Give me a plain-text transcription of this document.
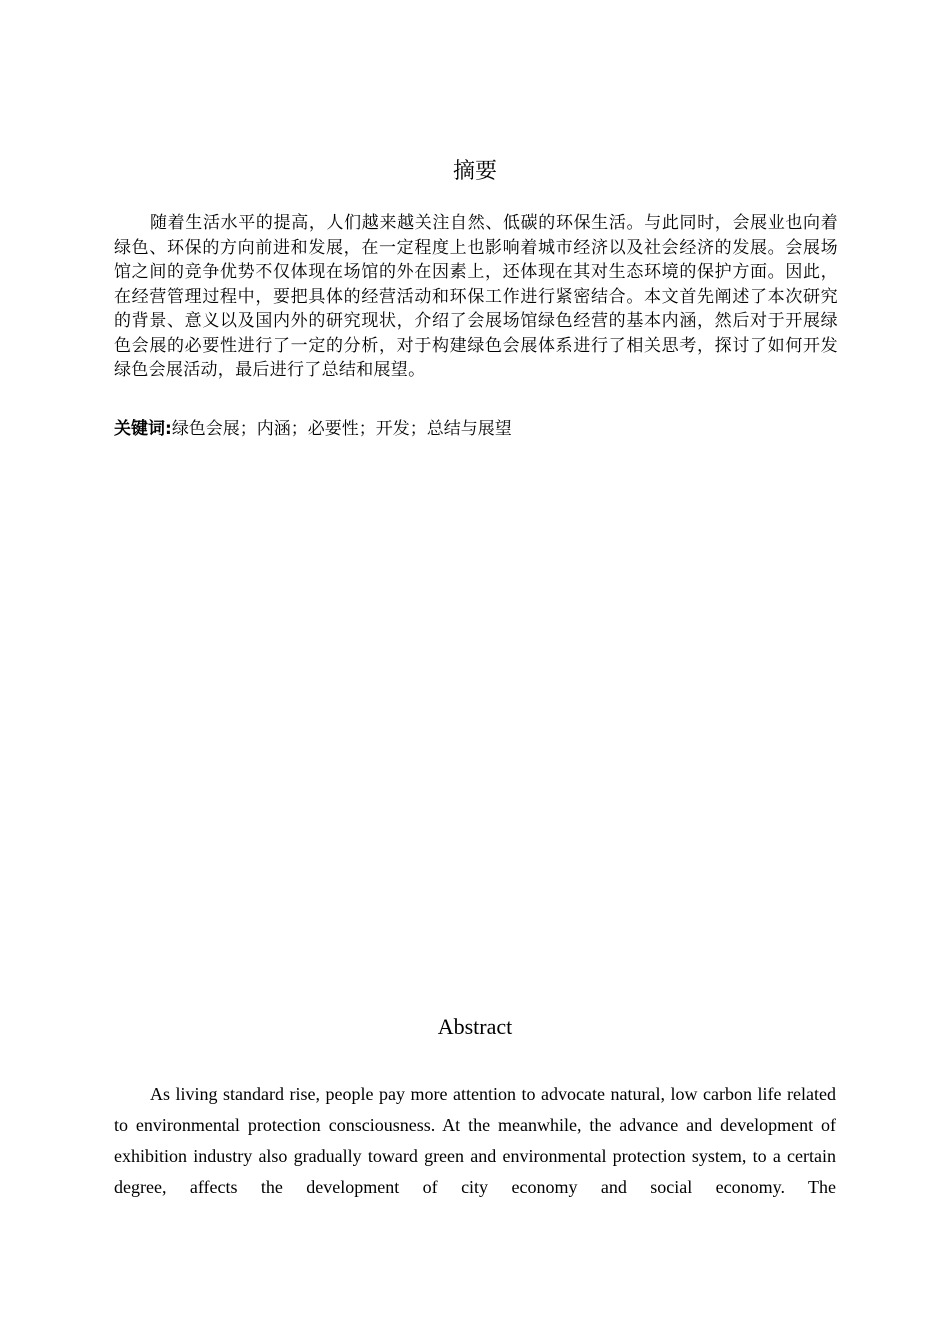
摘要

随着生活水平的提高，人们越来越关注自然、低碳的环保生活。与此同时，会展业也向着绿色、环保的方向前进和发展，在一定程度上也影响着城市经济以及社会经济的发展。会展场馆之间的竞争优势不仅体现在场馆的外在因素上，还体现在其对生态环境的保护方面。因此，在经营管理过程中，要把具体的经营活动和环保工作进行紧密结合。本文首先阐述了本次研究的背景、意义以及国内外的研究现状，介绍了会展场馆绿色经营的基本内涵，然后对于开展绿色会展的必要性进行了一定的分析，对于构建绿色会展体系进行了相关思考，探讨了如何开发绿色会展活动，最后进行了总结和展望。

关键词:绿色会展；内涵；必要性；开发；总结与展望
Abstract

As living standard rise, people pay more attention to advocate natural, low carbon life related to environmental protection consciousness. At the meanwhile, the advance and development of exhibition industry also gradually toward green and environmental protection system, to a certain degree, affects the development of city economy and social economy. The
